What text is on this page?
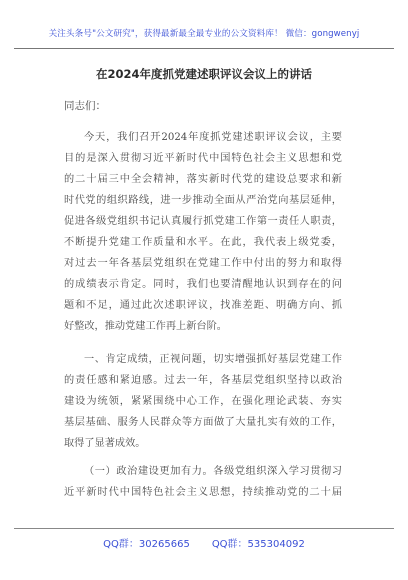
关注头条号"公文研究"，获得最新最全最专业的公文资料库！ 微信：gongwenyj
在2024年度抓党建述职评议会议上的讲话
同志们：
今天，我们召开2024年度抓党建述职评议会议，主要
目的是深入贯彻习近平新时代中国特色社会主义思想和党
的二十届三中全会精神，落实新时代党的建设总要求和新
时代党的组织路线，进一步推动全面从严治党向基层延伸，
促进各级党组织书记认真履行抓党建工作第一责任人职责，
不断提升党建工作质量和水平。在此，我代表上级党委，
对过去一年各基层党组织在党建工作中付出的努力和取得
的成绩表示肯定。同时，我们也要清醒地认识到存在的问
题和不足，通过此次述职评议，找准差距、明确方向、抓
好整改，推动党建工作再上新台阶。
一、肯定成绩，正视问题，切实增强抓好基层党建工作
的责任感和紧迫感。过去一年，各基层党组织坚持以政治
建设为统领，紧紧围绕中心工作，在强化理论武装、夯实
基层基础、服务人民群众等方面做了大量扎实有效的工作，
取得了显著成效。
（一）政治建设更加有力。各级党组织深入学习贯彻习
近平新时代中国特色社会主义思想，持续推动党的二十届
QQ群：30265665 QQ群：535304092
